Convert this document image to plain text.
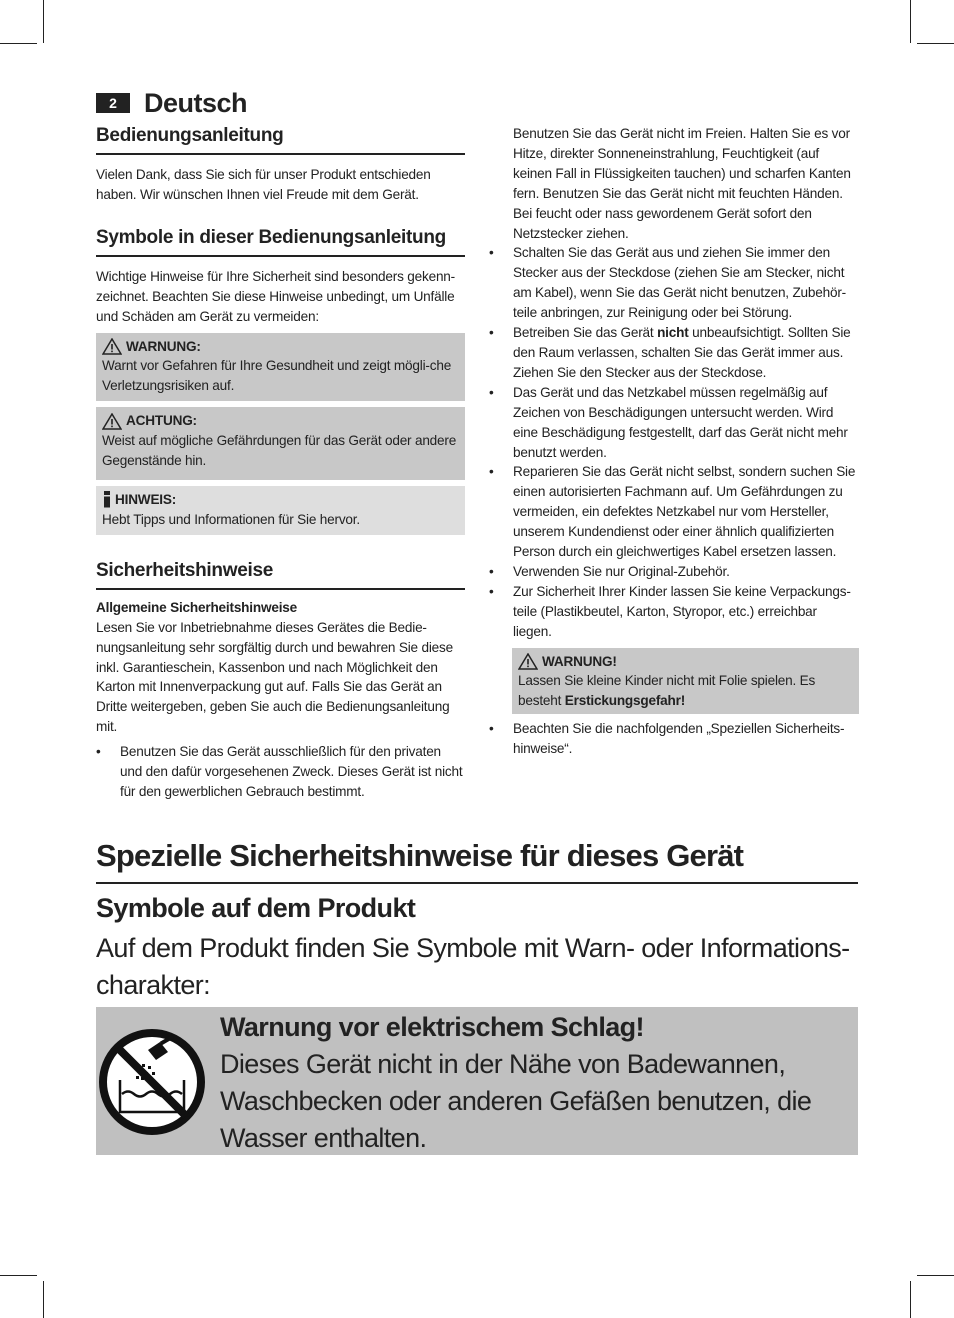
2	Deutsch
Bedienungsanleitung

Vielen Dank, dass Sie sich für unser Produkt entschieden haben. Wir wünschen Ihnen viel Freude mit dem Gerät.

Symbole in dieser Bedienungsanleitung

Wichtige Hinweise für Ihre Sicherheit sind besonders gekenn-zeichnet. Beachten Sie diese Hinweise unbedingt, um Unfälle und Schäden am Gerät zu vermeiden:

WARNUNG:

Warnt vor Gefahren für Ihre Gesundheit und zeigt mögli-che Verletzungsrisiken auf.

ACHTUNG:

Weist auf mögliche Gefährdungen für das Gerät oder andere Gegenstände hin.

HINWEIS:

Hebt Tipps und Informationen für Sie hervor.

Sicherheitshinweise

Allgemeine Sicherheitshinweise

Lesen Sie vor Inbetriebnahme dieses Gerätes die Bedie-nungsanleitung sehr sorgfältig durch und bewahren Sie diese inkl. Garantieschein, Kassenbon und nach Möglichkeit den Karton mit Innenverpackung gut auf. Falls Sie das Gerät an Dritte weitergeben, geben Sie auch die Bedienungsanleitung mit.

• Benutzen Sie das Gerät ausschließlich für den privaten und den dafür vorgesehenen Zweck. Dieses Gerät ist nicht für den gewerblichen Gebrauch bestimmt.
Benutzen Sie das Gerät nicht im Freien. Halten Sie es vor Hitze, direkter Sonneneinstrahlung, Feuchtigkeit (auf keinen Fall in Flüssigkeiten tauchen) und scharfen Kanten fern. Benutzen Sie das Gerät nicht mit feuchten Händen. Bei feucht oder nass gewordenem Gerät sofort den Netzstecker ziehen.
• Schalten Sie das Gerät aus und ziehen Sie immer den Stecker aus der Steckdose (ziehen Sie am Stecker, nicht am Kabel), wenn Sie das Gerät nicht benutzen, Zubehör-teile anbringen, zur Reinigung oder bei Störung.
• Betreiben Sie das Gerät nicht unbeaufsichtigt. Sollten Sie den Raum verlassen, schalten Sie das Gerät immer aus. Ziehen Sie den Stecker aus der Steckdose.
• Das Gerät und das Netzkabel müssen regelmäßig auf Zeichen von Beschädigungen untersucht werden. Wird eine Beschädigung festgestellt, darf das Gerät nicht mehr benutzt werden.
• Reparieren Sie das Gerät nicht selbst, sondern suchen Sie einen autorisierten Fachmann auf. Um Gefährdungen zu vermeiden, ein defektes Netzkabel nur vom Hersteller, unserem Kundendienst oder einer ähnlich qualifizierten Person durch ein gleichwertiges Kabel ersetzen lassen.
• Verwenden Sie nur Original-Zubehör.
• Zur Sicherheit Ihrer Kinder lassen Sie keine Verpackungs-teile (Plastikbeutel, Karton, Styropor, etc.) erreichbar liegen.
WARNUNG!

Lassen Sie kleine Kinder nicht mit Folie spielen. Es besteht Erstickungsgefahr!

• Beachten Sie die nachfolgenden „Speziellen Sicherheits-hinweise“.
Spezielle Sicherheitshinweise für dieses Gerät
Symbole auf dem Produkt
Auf dem Produkt finden Sie Symbole mit Warn- oder Informations-charakter:
Warnung vor elektrischem Schlag!
Dieses Gerät nicht in der Nähe von Badewannen, Waschbecken oder anderen Gefäßen benutzen, die Wasser enthalten.
